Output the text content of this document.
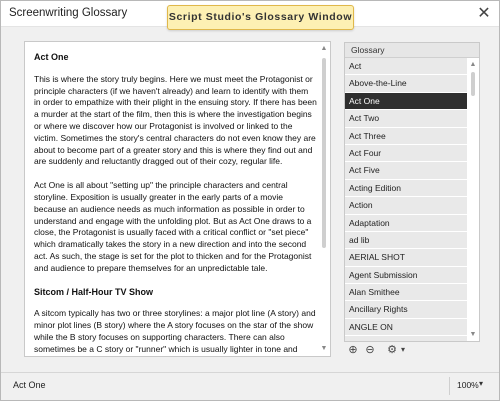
Screenwriting Glossary	✕
Act One
This is where the story truly begins. Here we must meet the Protagonist or principle characters (if we haven't already) and learn to identify with them in order to empathize with their plight in the ensuing story. If there has been a murder at the start of the film, then this is where the investigation begins or where we discover how our Protagonist is involved or linked to the victim. Sometimes the story's central characters do not even know they are about to become part of a greater story and this is where they find out and are suddenly and reluctantly dragged out of their cozy, regular life.
Act One is all about "setting up" the principle characters and central storyline. Exposition is usually greater in the early parts of a movie because an audience needs as much information as possible in order to understand and engage with the unfolding plot. But as Act One draws to a close, the Protagonist is usually faced with a critical conflict or "set piece" which dramatically takes the story in a new direction and into the second act. As such, the stage is set for the plot to thicken and for the Protagonist and audience to prepare themselves for an unpredictable tale.
Sitcom / Half-Hour TV Show
A sitcom typically has two or three storylines: a major plot line (A story) and minor plot lines (B story) where the A story focuses on the star of the show while the B story focuses on supporting characters. There can also sometimes be a C story or "runner" which is usually lighter in tone and
▲
▼
Glossary
Act
Above-the-Line
Act One
Act Two
Act Three
Act Four
Act Five
Acting Edition
Action
Adaptation
ad lib
AERIAL SHOT
Agent Submission
Alan Smithee
Ancillary Rights
ANGLE ON
▲
▼
⊕ ⊖ ⚙ ▾
Act One	100% ▾
Script Studio's Glossary Window
